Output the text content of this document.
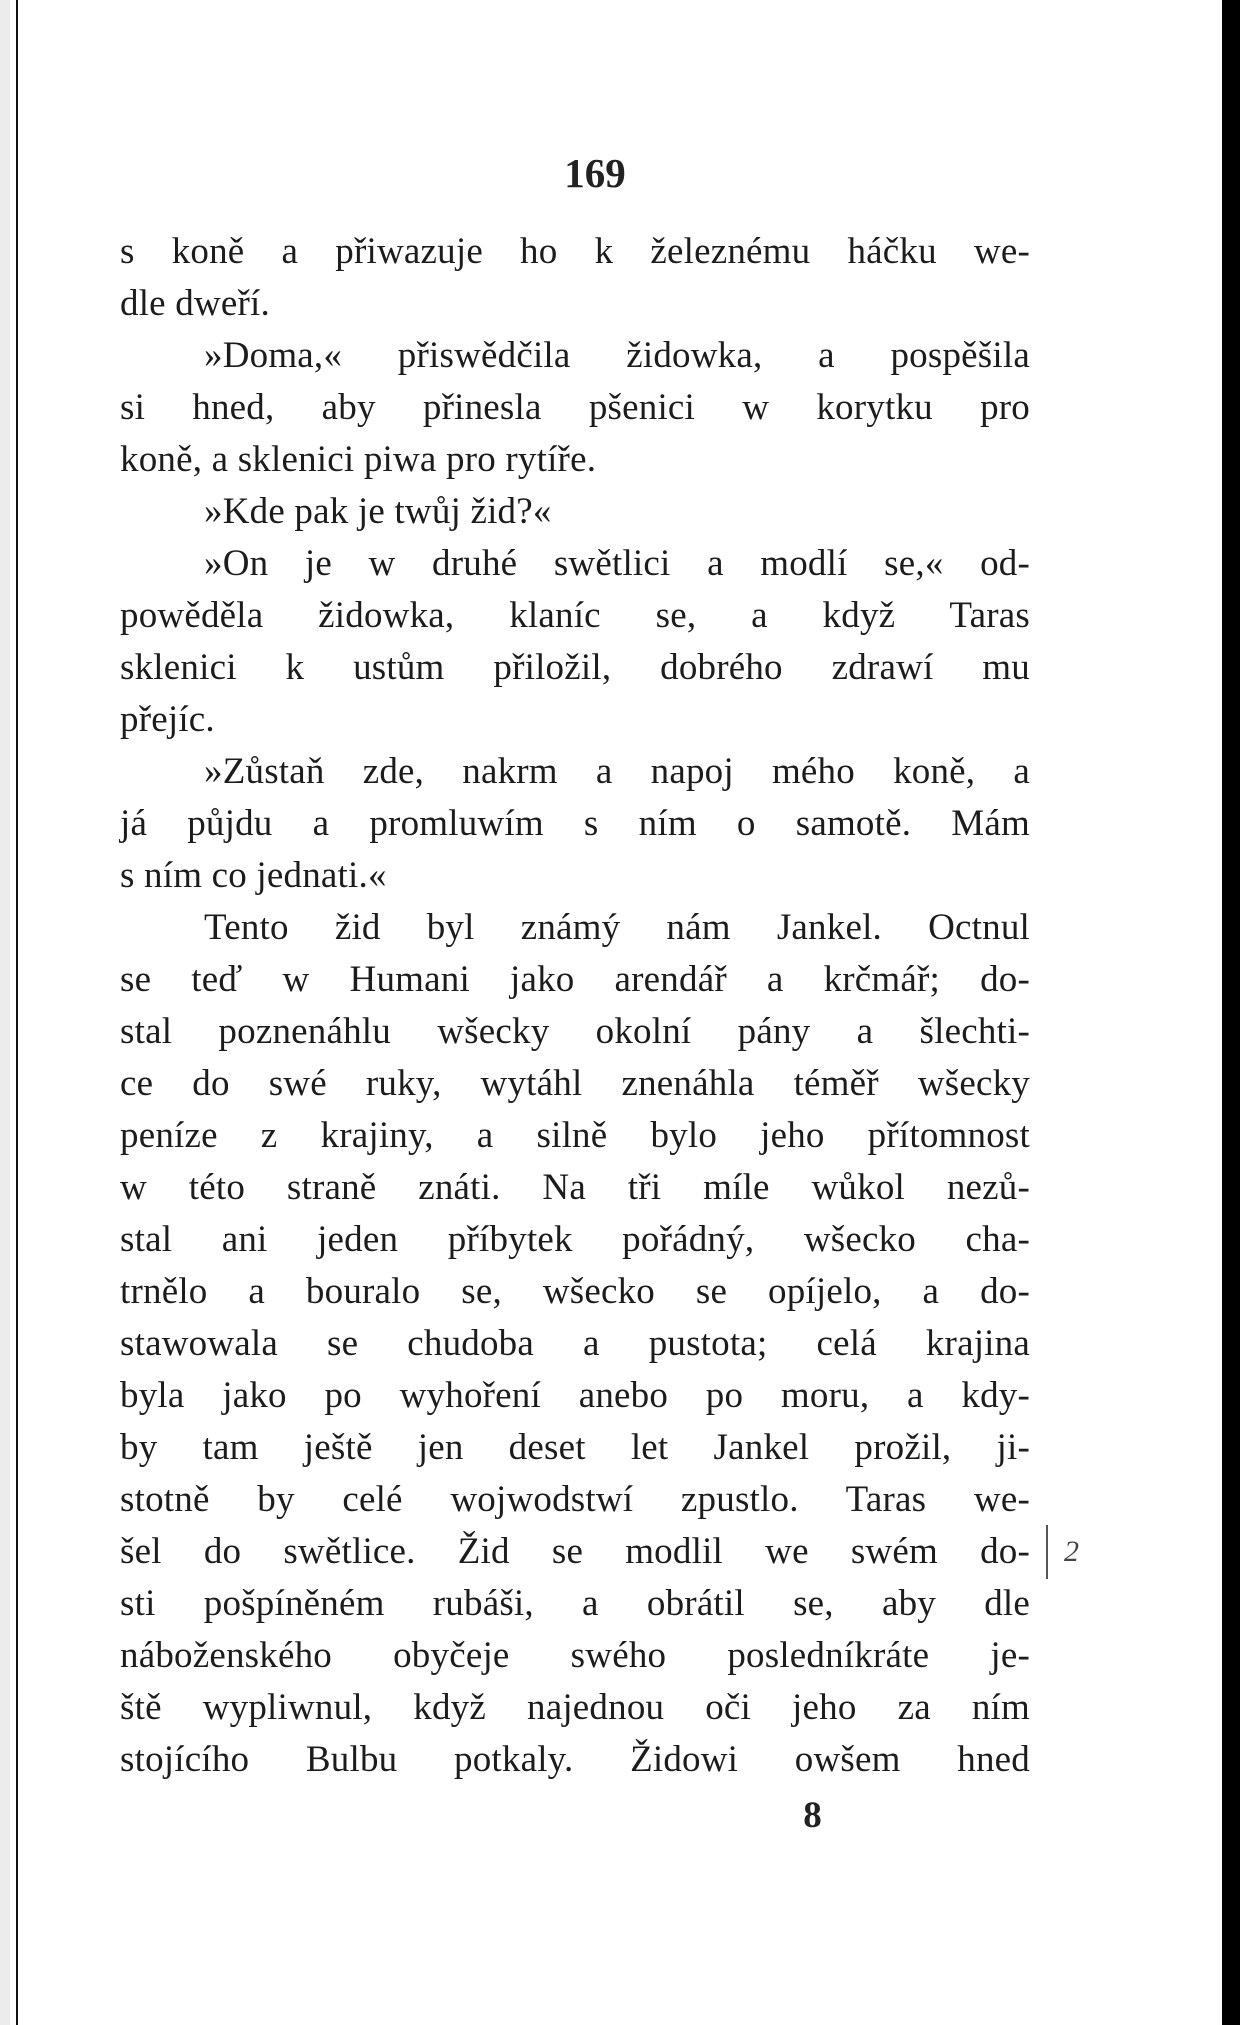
169
s koně a přiwazuje ho k železnému háčku we-
dle dweří.
»Doma,« přiswědčila židowka, a pospěšila
si hned, aby přinesla pšenici w korytku pro
koně, a sklenici piwa pro rytíře.
»Kde pak je twůj žid?«
»On je w druhé swětlici a modlí se,« od-
powěděla židowka, klaníc se, a když Taras
sklenici k ustům přiložil, dobrého zdrawí mu
přejíc.
»Zůstaň zde, nakrm a napoj mého koně, a
já půjdu a promluwím s ním o samotě. Mám
s ním co jednati.«
Tento žid byl známý nám Jankel. Octnul
se teď w Humani jako arendář a krčmář; do-
stal poznenáhlu wšecky okolní pány a šlechti-
ce do swé ruky, wytáhl znenáhla téměř wšecky
peníze z krajiny, a silně bylo jeho přítomnost
w této straně znáti. Na tři míle wůkol nezů-
stal ani jeden příbytek pořádný, wšecko cha-
trnělo a bouralo se, wšecko se opíjelo, a do-
stawowala se chudoba a pustota; celá krajina
byla jako po wyhoření anebo po moru, a kdy-
by tam ještě jen deset let Jankel prožil, ji-
stotně by celé wojwodstwí zpustlo. Taras we-
šel do swětlice. Žid se modlil we swém do-
sti pošpíněném rubáši, a obrátil se, aby dle
náboženského obyčeje swého posledníkráte je-
ště wypliwnul, když najednou oči jeho za ním
stojícího Bulbu potkaly. Židowi owšem hned
2
8
